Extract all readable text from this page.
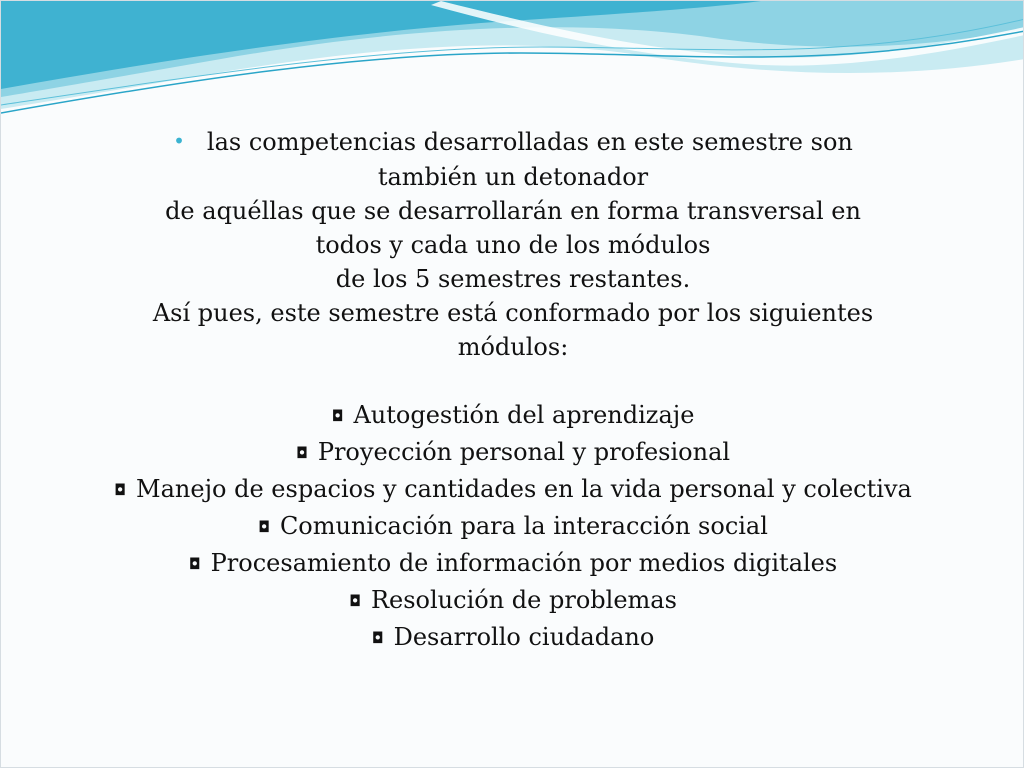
• las competencias desarrolladas en este semestre son
también un detonador
de aquéllas que se desarrollarán en forma transversal en
todos y cada uno de los módulos
de los 5 semestres restantes.
Así pues, este semestre está conformado por los siguientes
módulos:
◘ Autogestión del aprendizaje
◘ Proyección personal y profesional
◘ Manejo de espacios y cantidades en la vida personal y colectiva
◘ Comunicación para la interacción social
◘ Procesamiento de información por medios digitales
◘ Resolución de problemas
◘ Desarrollo ciudadano
